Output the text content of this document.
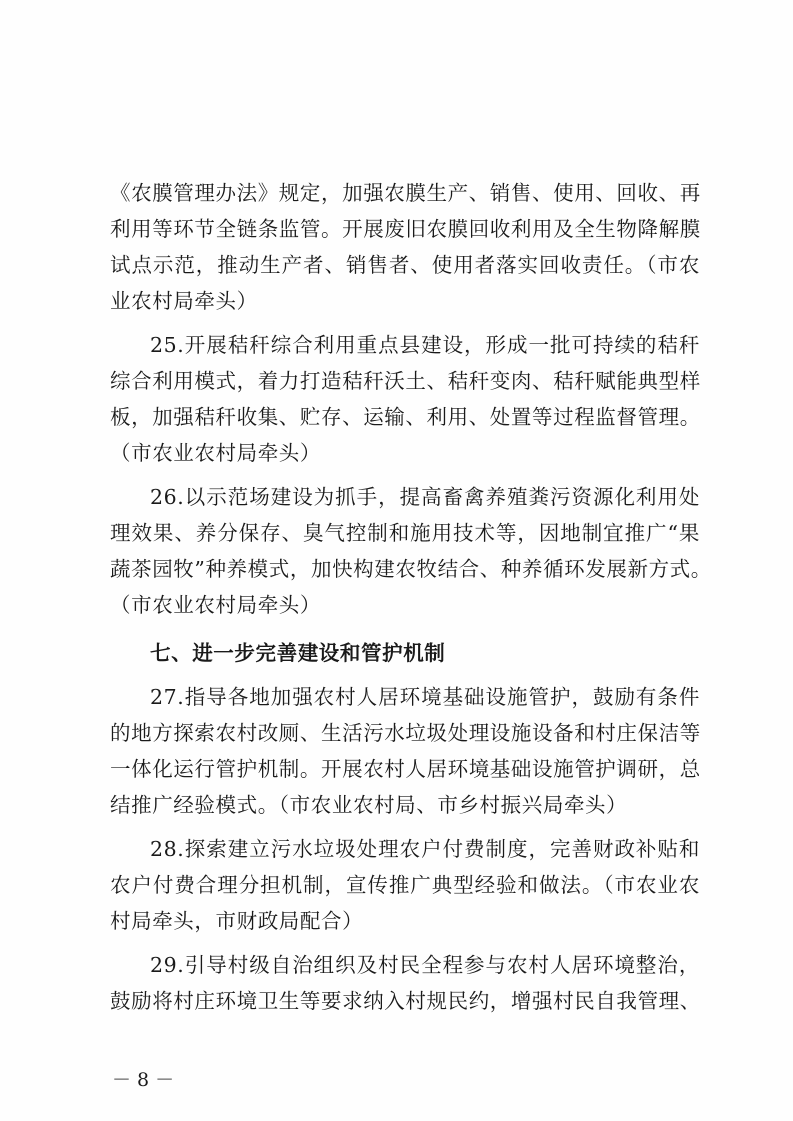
《农膜管理办法》规定，加强农膜生产、销售、使用、回收、再
利用等环节全链条监管。开展废旧农膜回收利用及全生物降解膜
试点示范，推动生产者、销售者、使用者落实回收责任。（市农
业农村局牵头）
25.开展秸秆综合利用重点县建设，形成一批可持续的秸秆
综合利用模式，着力打造秸秆沃土、秸秆变肉、秸秆赋能典型样
板，加强秸秆收集、贮存、运输、利用、处置等过程监督管理。
（市农业农村局牵头）
26.以示范场建设为抓手，提高畜禽养殖粪污资源化利用处
理效果、养分保存、臭气控制和施用技术等，因地制宜推广“果
蔬茶园牧”种养模式，加快构建农牧结合、种养循环发展新方式。
（市农业农村局牵头）
七、进一步完善建设和管护机制
27.指导各地加强农村人居环境基础设施管护，鼓励有条件
的地方探索农村改厕、生活污水垃圾处理设施设备和村庄保洁等
一体化运行管护机制。开展农村人居环境基础设施管护调研，总
结推广经验模式。（市农业农村局、市乡村振兴局牵头）
28.探索建立污水垃圾处理农户付费制度，完善财政补贴和
农户付费合理分担机制，宣传推广典型经验和做法。（市农业农
村局牵头，市财政局配合）
29.引导村级自治组织及村民全程参与农村人居环境整治，
鼓励将村庄环境卫生等要求纳入村规民约，增强村民自我管理、
－ 8 －
